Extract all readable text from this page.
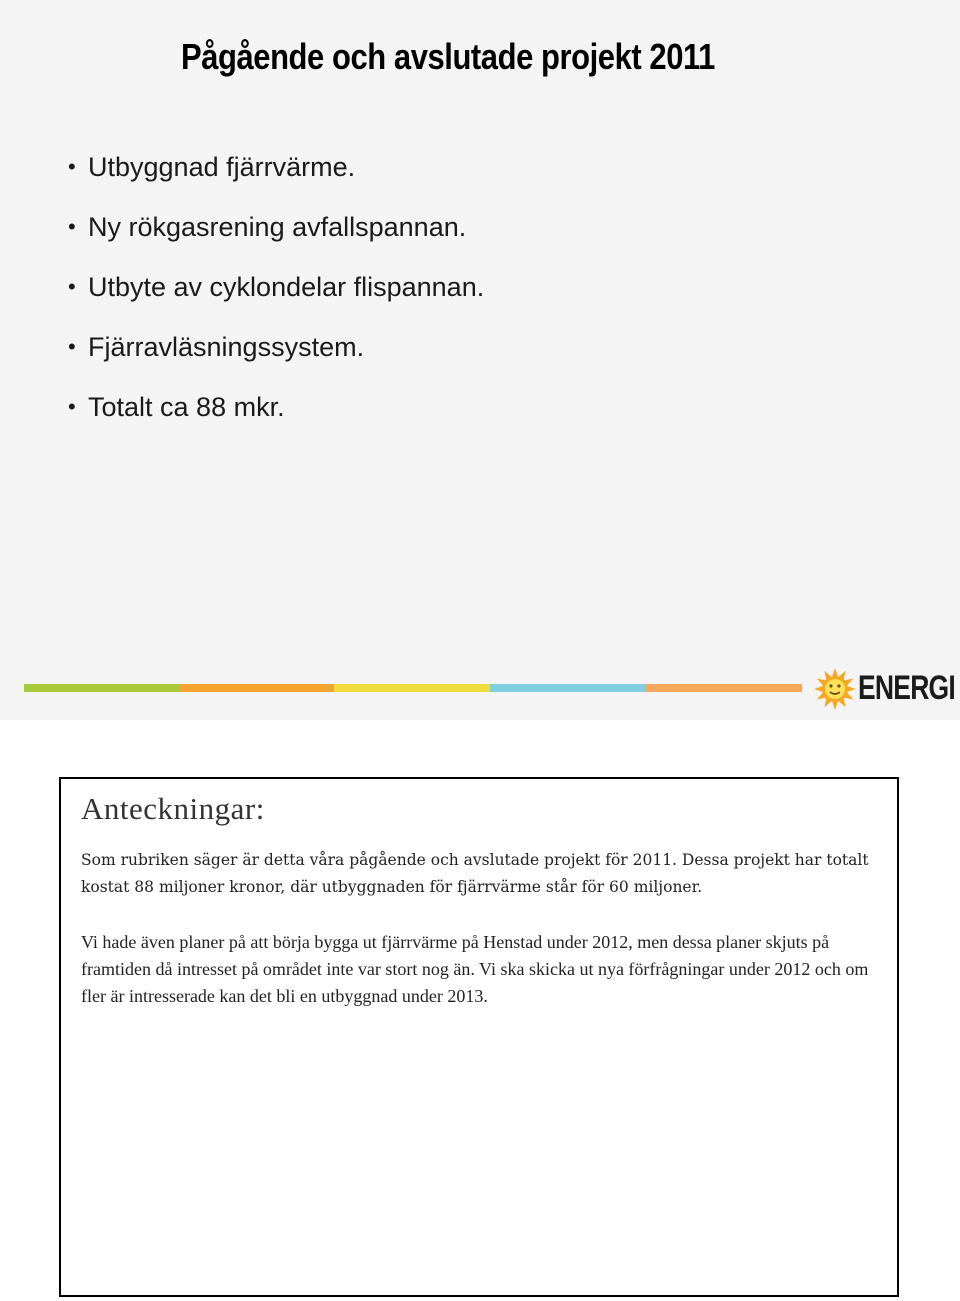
Pågående och avslutade projekt 2011
• Utbyggnad fjärrvärme.
• Ny rökgasrening avfallspannan.
• Utbyte av cyklondelar flispannan.
• Fjärravläsningssystem.
• Totalt ca 88 mkr.
ENERGI
Anteckningar:

Som rubriken säger är detta våra pågående och avslutade projekt för 2011. Dessa projekt har totalt kostat 88 miljoner kronor, där utbyggnaden för fjärrvärme står för 60 miljoner.

Vi hade även planer på att börja bygga ut fjärrvärme på Henstad under 2012, men dessa planer skjuts på framtiden då intresset på området inte var stort nog än. Vi ska skicka ut nya förfrågningar under 2012 och om fler är intresserade kan det bli en utbyggnad under 2013.
